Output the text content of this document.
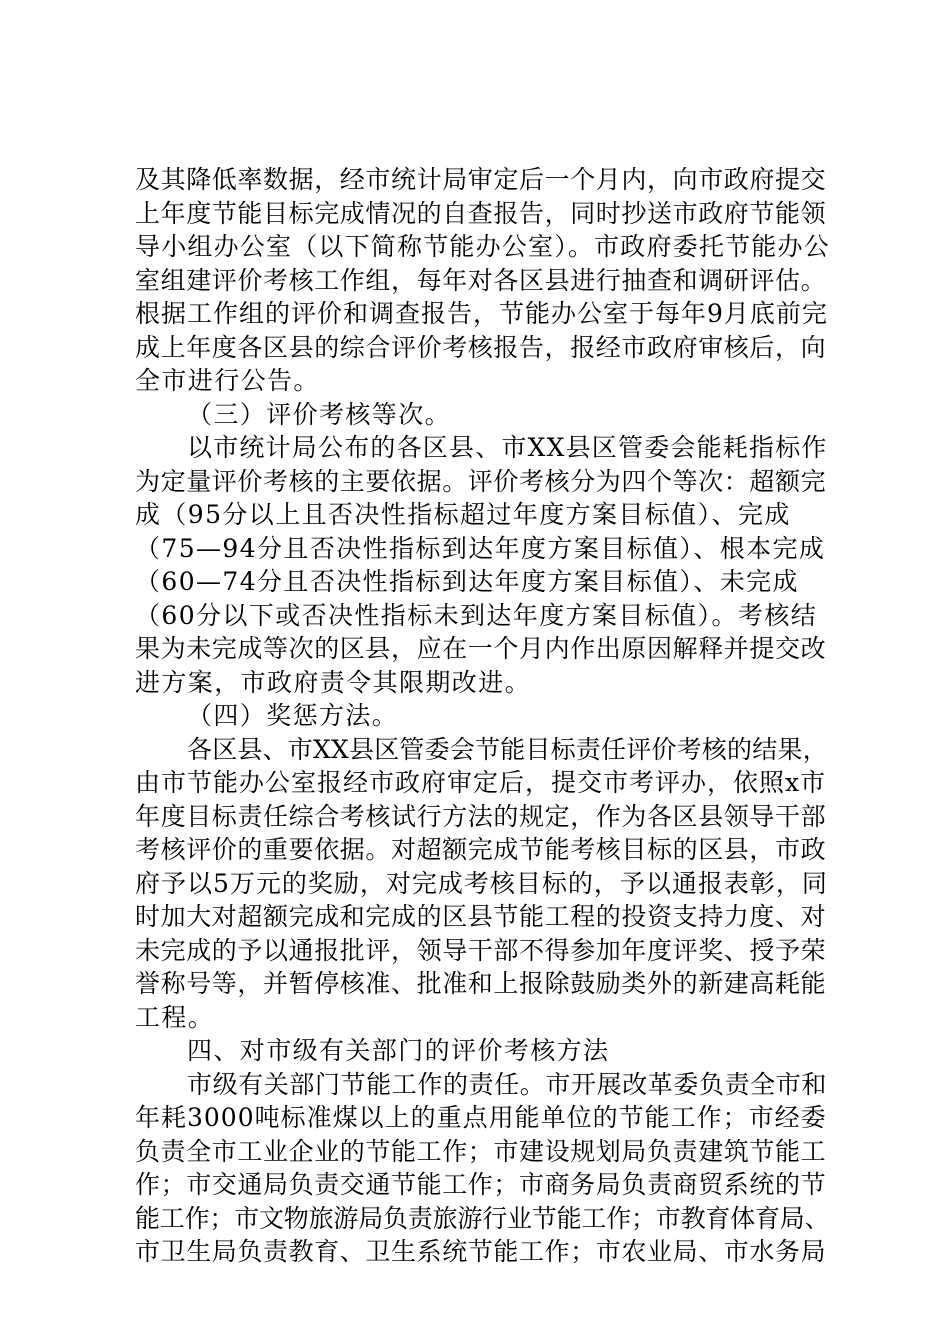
及其降低率数据，经市统计局审定后一个月内，向市政府提交
上年度节能目标完成情况的自查报告，同时抄送市政府节能领
导小组办公室（以下简称节能办公室）。市政府委托节能办公
室组建评价考核工作组，每年对各区县进行抽查和调研评估。
根据工作组的评价和调查报告，节能办公室于每年9月底前完
成上年度各区县的综合评价考核报告，报经市政府审核后，向
全市进行公告。
（三）评价考核等次。
以市统计局公布的各区县、市XX县区管委会能耗指标作
为定量评价考核的主要依据。评价考核分为四个等次：超额完
成（95分以上且否决性指标超过年度方案目标值）、完成
（75—94分且否决性指标到达年度方案目标值）、根本完成
（60—74分且否决性指标到达年度方案目标值）、未完成
（60分以下或否决性指标未到达年度方案目标值）。考核结
果为未完成等次的区县，应在一个月内作出原因解释并提交改
进方案，市政府责令其限期改进。
（四）奖惩方法。
各区县、市XX县区管委会节能目标责任评价考核的结果，
由市节能办公室报经市政府审定后，提交市考评办，依照x市
年度目标责任综合考核试行方法的规定，作为各区县领导干部
考核评价的重要依据。对超额完成节能考核目标的区县，市政
府予以5万元的奖励，对完成考核目标的，予以通报表彰，同
时加大对超额完成和完成的区县节能工程的投资支持力度、对
未完成的予以通报批评，领导干部不得参加年度评奖、授予荣
誉称号等，并暂停核准、批准和上报除鼓励类外的新建高耗能
工程。
四、对市级有关部门的评价考核方法
市级有关部门节能工作的责任。市开展改革委负责全市和
年耗3000吨标准煤以上的重点用能单位的节能工作；市经委
负责全市工业企业的节能工作；市建设规划局负责建筑节能工
作；市交通局负责交通节能工作；市商务局负责商贸系统的节
能工作；市文物旅游局负责旅游行业节能工作；市教育体育局、
市卫生局负责教育、卫生系统节能工作；市农业局、市水务局
